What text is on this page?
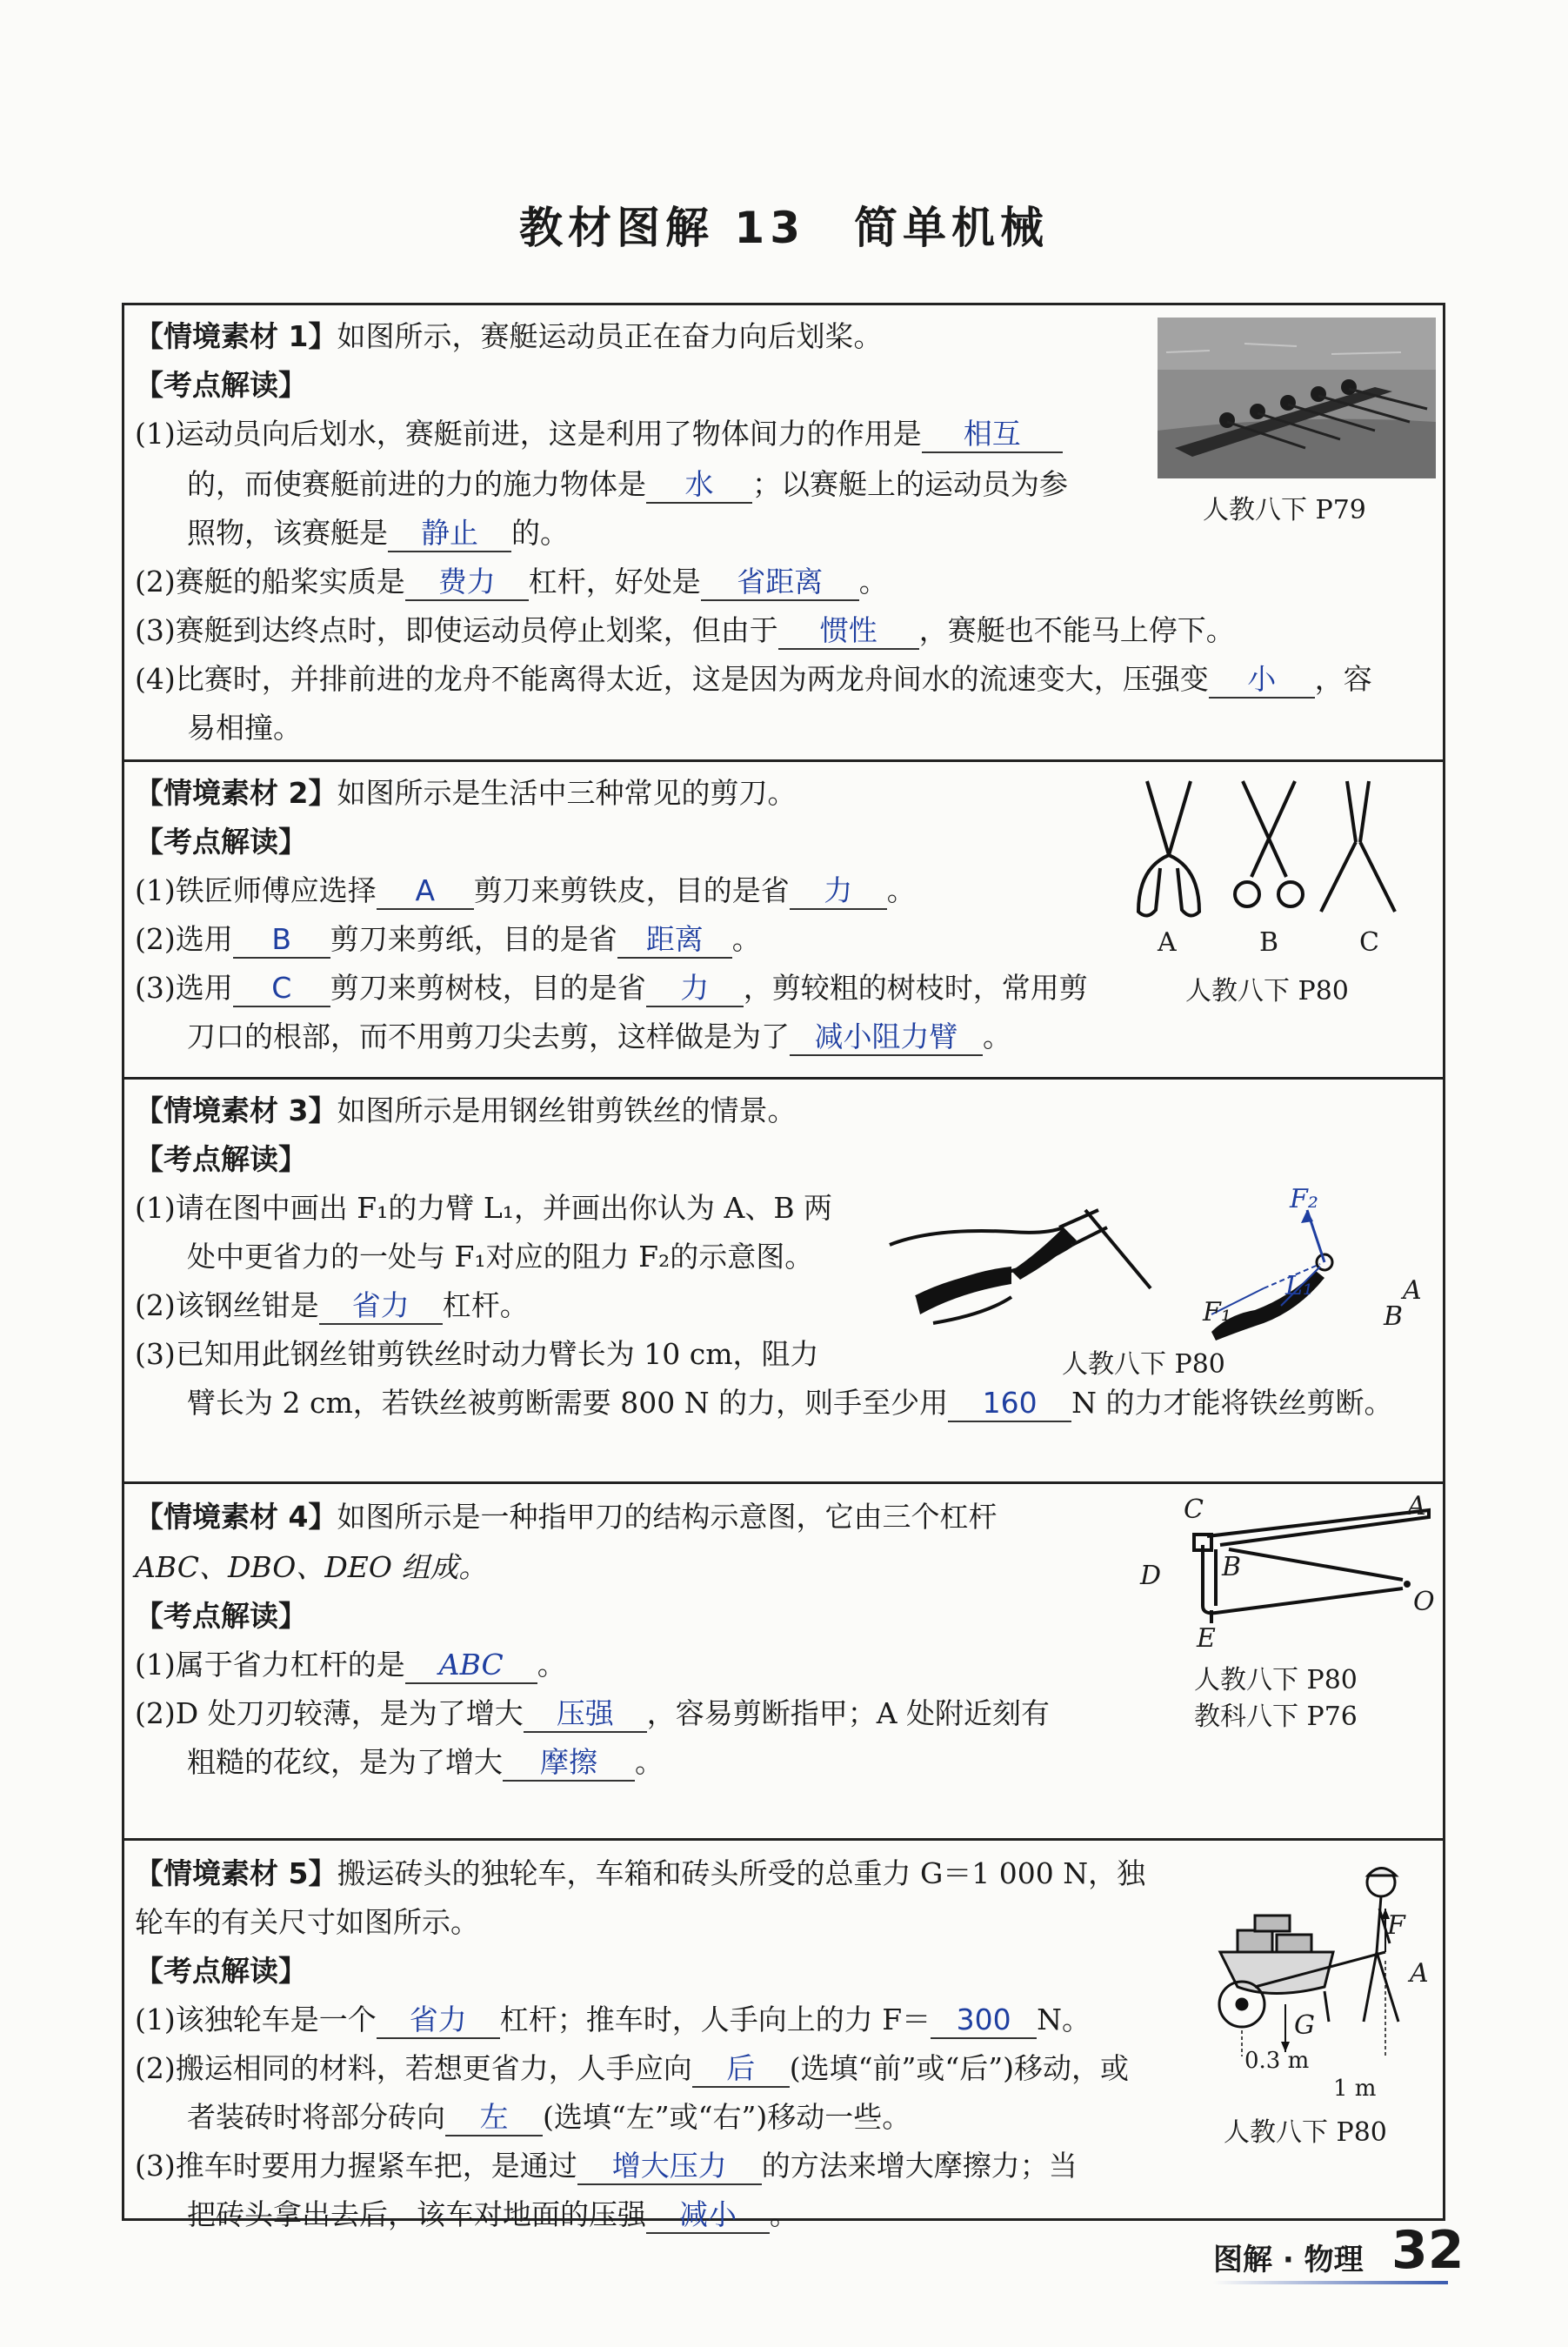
教材图解 13　简单机械
【情境素材 1】如图所示，赛艇运动员正在奋力向后划桨。
【考点解读】
(1)运动员向后划水，赛艇前进，这是利用了物体间力的作用是 相互
的，而使赛艇前进的力的施力物体是 水 ；以赛艇上的运动员为参
照物，该赛艇是 静止 的。
(2)赛艇的船桨实质是 费力 杠杆，好处是 省距离 。
(3)赛艇到达终点时，即使运动员停止划桨，但由于 惯性 ，赛艇也不能马上停下。
(4)比赛时，并排前进的龙舟不能离得太近，这是因为两龙舟间水的流速变大，压强变 小 ，容
易相撞。
人教八下 P79
【情境素材 2】如图所示是生活中三种常见的剪刀。
【考点解读】
(1)铁匠师傅应选择 A 剪刀来剪铁皮，目的是省 力 。
(2)选用 B 剪刀来剪纸，目的是省 距离 。
(3)选用 C 剪刀来剪树枝，目的是省 力 ，剪较粗的树枝时，常用剪
刀口的根部，而不用剪刀尖去剪，这样做是为了 减小阻力臂 。
A	B	C
人教八下 P80
【情境素材 3】如图所示是用钢丝钳剪铁丝的情景。
【考点解读】
(1)请在图中画出 F₁的力臂 L₁，并画出你认为 A、B 两
处中更省力的一处与 F₁对应的阻力 F₂的示意图。
(2)该钢丝钳是 省力 杠杆。
(3)已知用此钢丝钳剪铁丝时动力臂长为 10 cm，阻力
臂长为 2 cm，若铁丝被剪断需要 800 N 的力，则手至少用 160 N 的力才能将铁丝剪断。
F₂
F₁
L₁	A
B
人教八下 P80
【情境素材 4】如图所示是一种指甲刀的结构示意图，它由三个杠杆
ABC、DBO、DEO 组成。
【考点解读】
(1)属于省力杠杆的是 ABC 。
(2)D 处刀刃较薄，是为了增大 压强 ，容易剪断指甲；A 处附近刻有
粗糙的花纹，是为了增大 摩擦 。
C	A
B
D
O
E
人教八下 P80
教科八下 P76
【情境素材 5】搬运砖头的独轮车，车箱和砖头所受的总重力 G＝1 000 N，独
轮车的有关尺寸如图所示。
【考点解读】
(1)该独轮车是一个 省力 杠杆；推车时，人手向上的力 F＝ 300 N。
(2)搬运相同的材料，若想更省力，人手应向 后 (选填“前”或“后”)移动，或
者装砖时将部分砖向 左 (选填“左”或“右”)移动一些。
(3)推车时要用力握紧车把，是通过 增大压力 的方法来增大摩擦力；当
把砖头拿出去后，该车对地面的压强 减小 。
F
A
G
0.3 m
1 m
人教八下 P80
图解 · 物理 32
